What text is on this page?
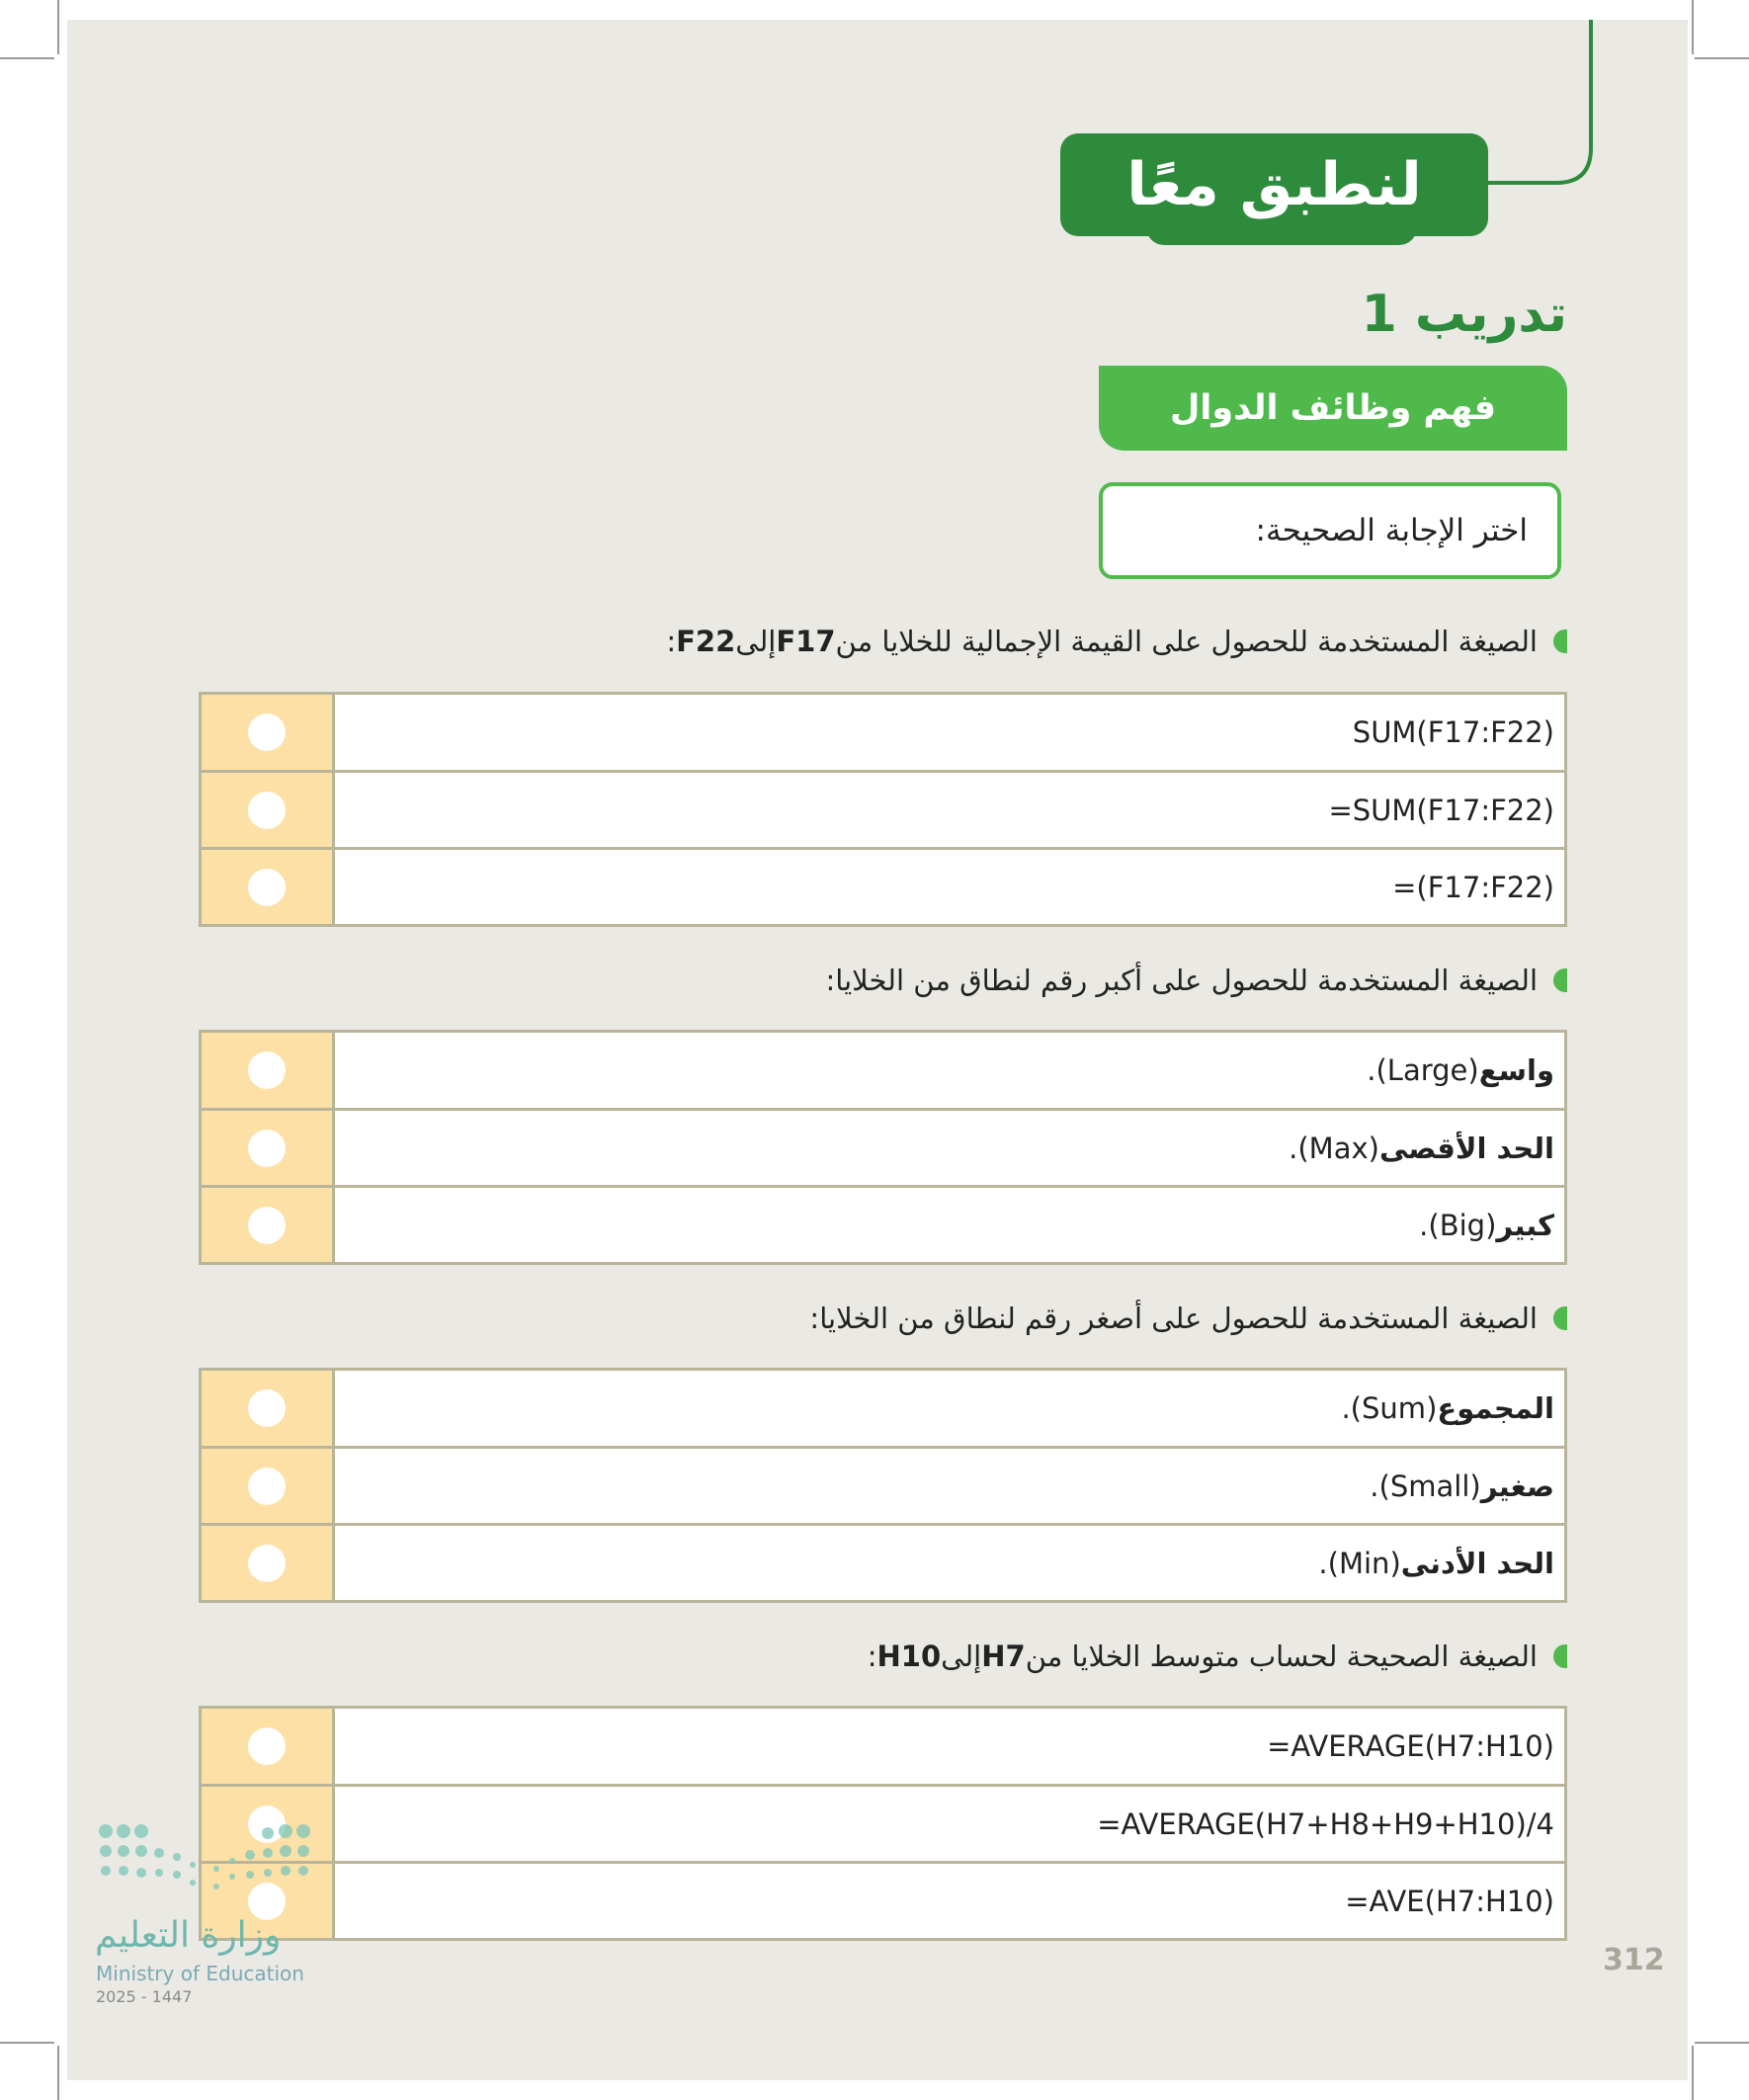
لنطبق معًا
تدريب 1
فهم وظائف الدوال
اختر الإجابة الصحيحة:
الصيغة المستخدمة للحصول على القيمة الإجمالية للخلايا من
F17
إلى
F22
:
SUM(F17:F22)
=SUM(F17:F22)
=(F17:F22)
الصيغة المستخدمة للحصول على أكبر رقم لنطاق من الخلايا:
واسع
(Large).
الحد الأقصى
(Max).
كبير
(Big).
الصيغة المستخدمة للحصول على أصغر رقم لنطاق من الخلايا:
المجموع
(Sum).
صغير
(Small).
الحد الأدنى
(Min).
الصيغة الصحيحة لحساب متوسط الخلايا من
H7
إلى
H10
:
=AVERAGE(H7:H10)
=AVERAGE(H7+H8+H9+H10)/4
=AVE(H7:H10)
وزارة التعليم
Ministry of Education
2025 - 1447
312
